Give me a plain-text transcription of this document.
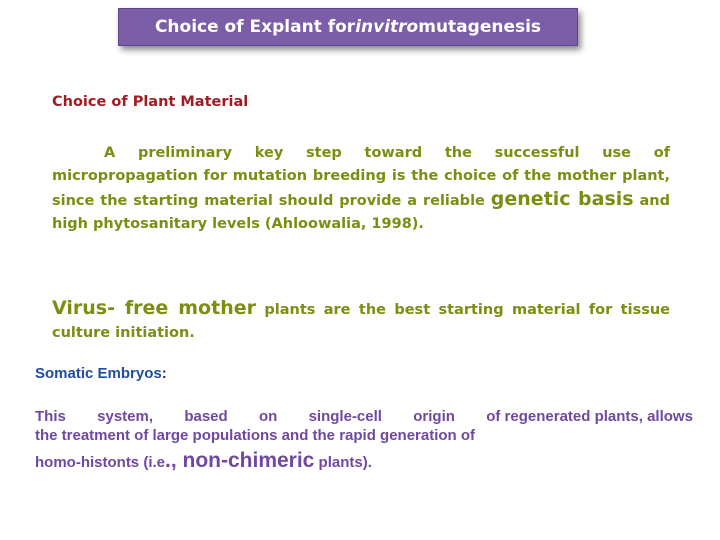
Choice of Explant for invitro mutagenesis
Choice of Plant Material
A preliminary key step toward the successful use of micropropagation for mutation breeding is the choice of the mother plant, since the starting material should provide a reliable genetic basis and high phytosanitary levels (Ahloowalia, 1998).
Virus- free mother plants are the best starting material for tissue culture initiation.
Somatic Embryos:
This system, based on single-cell origin of regenerated plants, allows
the treatment of large populations and the rapid generation of
homo-histonts (i.e., non-chimeric plants).
